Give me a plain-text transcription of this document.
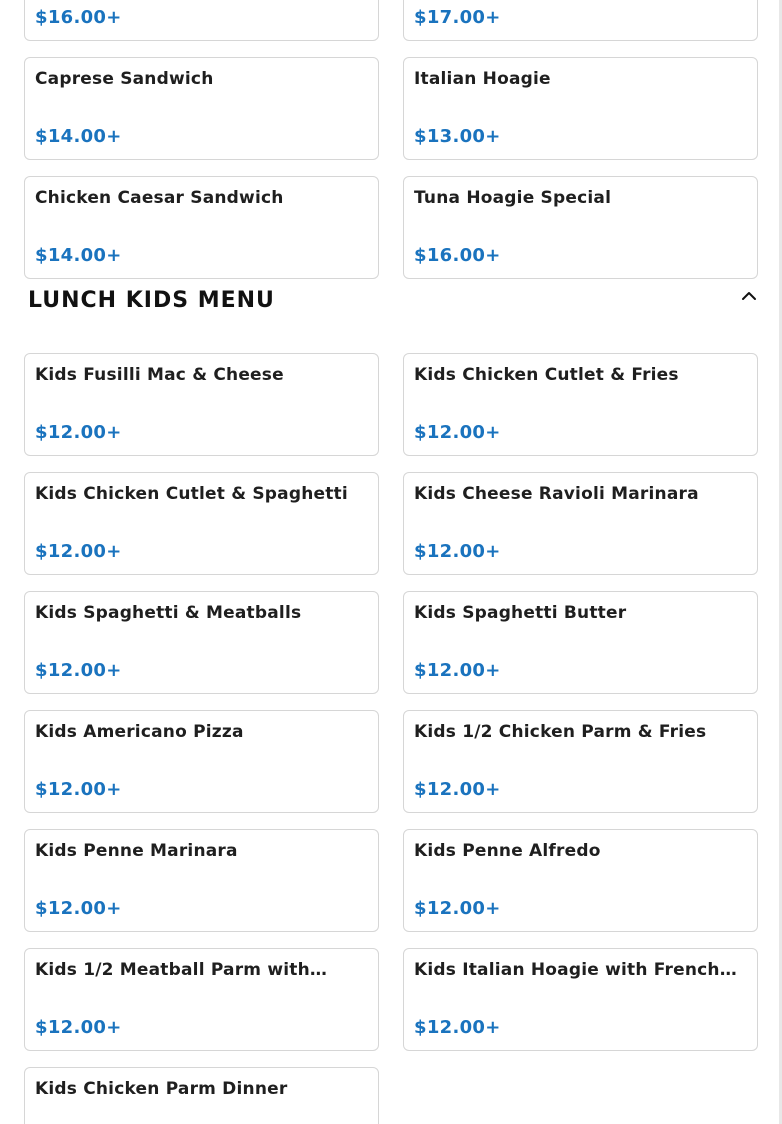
$16.00+	$17.00+
Caprese Sandwich
$14.00+
Italian Hoagie
$13.00+
Chicken Caesar Sandwich
$14.00+
Tuna Hoagie Special
$16.00+
LUNCH KIDS MENU
Kids Fusilli Mac & Cheese
$12.00+
Kids Chicken Cutlet & Fries
$12.00+
Kids Chicken Cutlet & Spaghetti
$12.00+
Kids Cheese Ravioli Marinara
$12.00+
Kids Spaghetti & Meatballs
$12.00+
Kids Spaghetti Butter
$12.00+
Kids Americano Pizza
$12.00+
Kids 1/2 Chicken Parm & Fries
$12.00+
Kids Penne Marinara
$12.00+
Kids Penne Alfredo
$12.00+
Kids 1/2 Meatball Parm with…
$12.00+
Kids Italian Hoagie with French…
$12.00+
Kids Chicken Parm Dinner
